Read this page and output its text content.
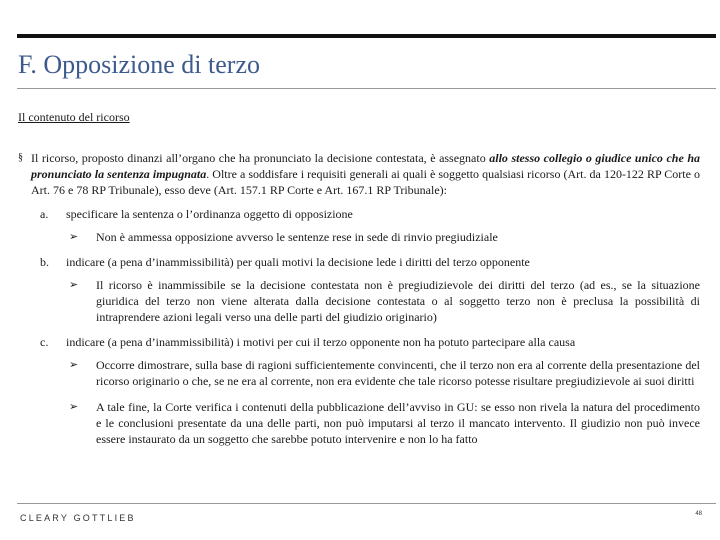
F. Opposizione di terzo
Il contenuto del ricorso

§ Il ricorso, proposto dinanzi all’organo che ha pronunciato la decisione contestata, è assegnato allo stesso collegio o giudice unico che ha pronunciato la sentenza impugnata. Oltre a soddisfare i requisiti generali ai quali è soggetto qualsiasi ricorso (Art. da 120-122 RP Corte o Art. 76 e 78 RP Tribunale), esso deve (Art. 157.1 RP Corte e Art. 167.1 RP Tribunale):

a. specificare la sentenza o l’ordinanza oggetto di opposizione
➢ Non è ammessa opposizione avverso le sentenze rese in sede di rinvio pregiudiziale
b. indicare (a pena d’inammissibilità) per quali motivi la decisione lede i diritti del terzo opponente
➢ Il ricorso è inammissibile se la decisione contestata non è pregiudizievole dei diritti del terzo (ad es., se la situazione giuridica del terzo non viene alterata dalla decisione contestata o al soggetto terzo non è preclusa la possibilità di intraprendere azioni legali verso una delle parti del giudizio originario)
c. indicare (a pena d’inammissibilità) i motivi per cui il terzo opponente non ha potuto partecipare alla causa
➢ Occorre dimostrare, sulla base di ragioni sufficientemente convincenti, che il terzo non era al corrente della presentazione del ricorso originario o che, se ne era al corrente, non era evidente che tale ricorso potesse risultare pregiudizievole ai suoi diritti
➢ A tale fine, la Corte verifica i contenuti della pubblicazione dell’avviso in GU: se esso non rivela la natura del procedimento e le conclusioni presentate da una delle parti, non può imputarsi al terzo il mancato intervento. Il giudizio non può invece essere instaurato da un soggetto che sarebbe potuto intervenire e non lo ha fatto
CLEARY GOTTLIEB	48
